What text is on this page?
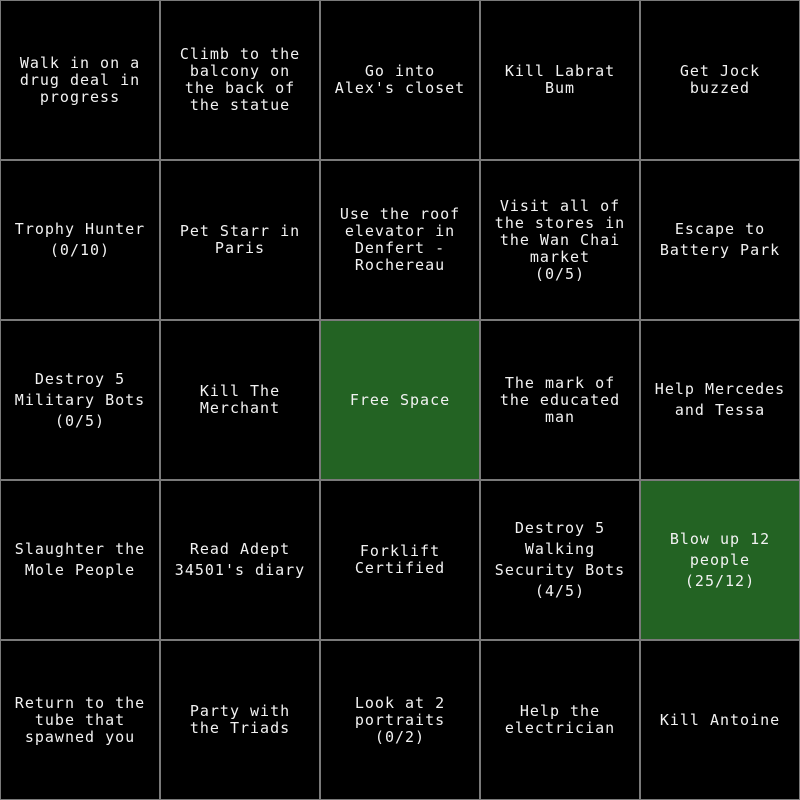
Walk in on a
drug deal in
progress
Climb to the
balcony on
the back of
the statue
Go into
Alex's closet
Kill Labrat
Bum
Get Jock
buzzed
Trophy Hunter
(0/10)
Pet Starr in
Paris
Use the roof
elevator in
Denfert -
Rochereau
Visit all of
the stores in
the Wan Chai
market
(0/5)
Escape to
Battery Park
Destroy 5
Military Bots
(0/5)
Kill The
Merchant	Free Space
The mark of
the educated
man
Help Mercedes
and Tessa
Slaughter the
Mole People
Read Adept
34501's diary
Forklift
Certified
Destroy 5
Walking
Security Bots
(4/5)
Blow up 12
people
(25/12)
Return to the
tube that
spawned you
Party with
the Triads
Look at 2
portraits
(0/2)
Help the
electrician	Kill Antoine
